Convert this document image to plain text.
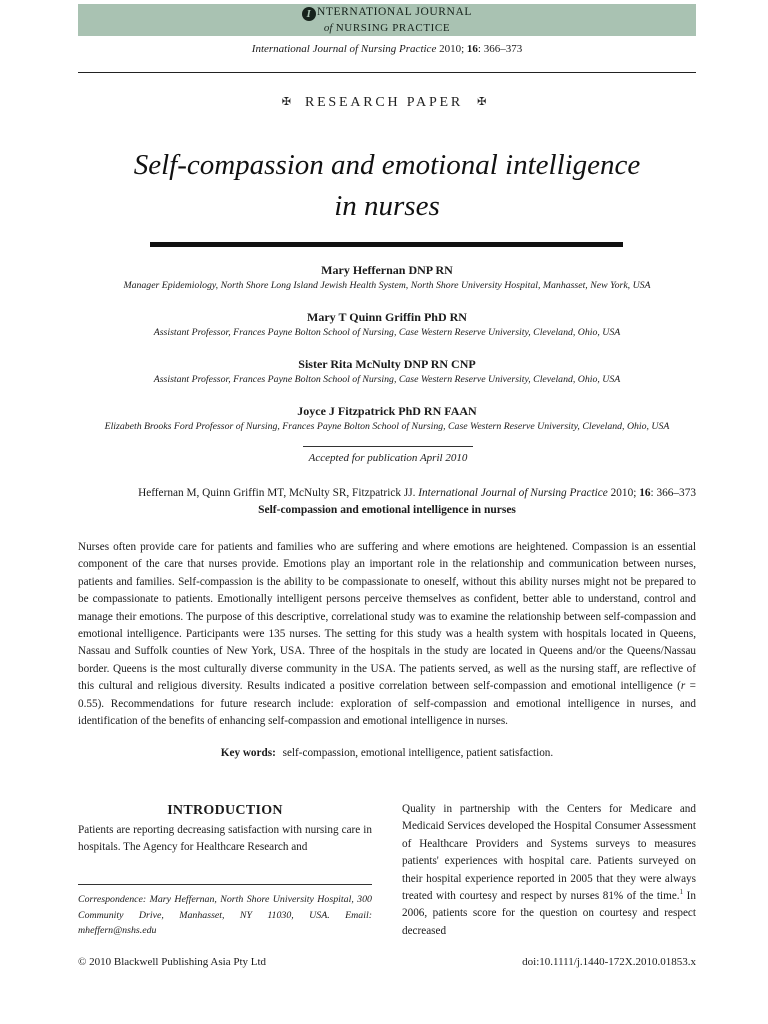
I NTERNATIONAL JOURNAL
of NURSING PRACTICE
International Journal of Nursing Practice 2010; 16: 366–373
✠ RESEARCH PAPER ✠
Self-compassion and emotional intelligence
in nurses
Mary Heffernan DNP RN
Manager Epidemiology, North Shore Long Island Jewish Health System, North Shore University Hospital, Manhasset, New York, USA
Mary T Quinn Griffin PhD RN
Assistant Professor, Frances Payne Bolton School of Nursing, Case Western Reserve University, Cleveland, Ohio, USA
Sister Rita McNulty DNP RN CNP
Assistant Professor, Frances Payne Bolton School of Nursing, Case Western Reserve University, Cleveland, Ohio, USA
Joyce J Fitzpatrick PhD RN FAAN
Elizabeth Brooks Ford Professor of Nursing, Frances Payne Bolton School of Nursing, Case Western Reserve University, Cleveland, Ohio, USA
Accepted for publication April 2010
Heffernan M, Quinn Griffin MT, McNulty SR, Fitzpatrick JJ. International Journal of Nursing Practice 2010; 16: 366–373
Self-compassion and emotional intelligence in nurses
Nurses often provide care for patients and families who are suffering and where emotions are heightened. Compassion is an essential component of the care that nurses provide. Emotions play an important role in the relationship and communication between nurses, patients and families. Self-compassion is the ability to be compassionate to oneself, without this ability nurses might not be prepared to be compassionate to patients. Emotionally intelligent persons perceive themselves as confident, better able to understand, control and manage their emotions. The purpose of this descriptive, correlational study was to examine the relationship between self-compassion and emotional intelligence. Participants were 135 nurses. The setting for this study was a health system with hospitals located in Queens, Nassau and Suffolk counties of New York, USA. Three of the hospitals in the study are located in Queens and/or the Queens/Nassau border. Queens is the most culturally diverse community in the USA. The patients served, as well as the nursing staff, are reflective of this cultural and religious diversity. Results indicated a positive correlation between self-compassion and emotional intelligence (r = 0.55). Recommendations for future research include: exploration of self-compassion and emotional intelligence in nurses, and identification of the benefits of enhancing self-compassion and emotional intelligence in nurses.
Key words: self-compassion, emotional intelligence, patient satisfaction.
INTRODUCTION
Patients are reporting decreasing satisfaction with nursing care in hospitals. The Agency for Healthcare Research and
Correspondence: Mary Heffernan, North Shore University Hospital, 300 Community Drive, Manhasset, NY 11030, USA. Email: mheffern@nshs.edu
Quality in partnership with the Centers for Medicare and Medicaid Services developed the Hospital Consumer Assessment of Healthcare Providers and Systems surveys to measures patients' experiences with hospital care. Patients surveyed on their hospital experience reported in 2005 that they were always treated with courtesy and respect by nurses 81% of the time.$^1$ In 2006, patients score for the question on courtesy and respect decreased
© 2010 Blackwell Publishing Asia Pty Ltd	doi:10.1111/j.1440-172X.2010.01853.x
